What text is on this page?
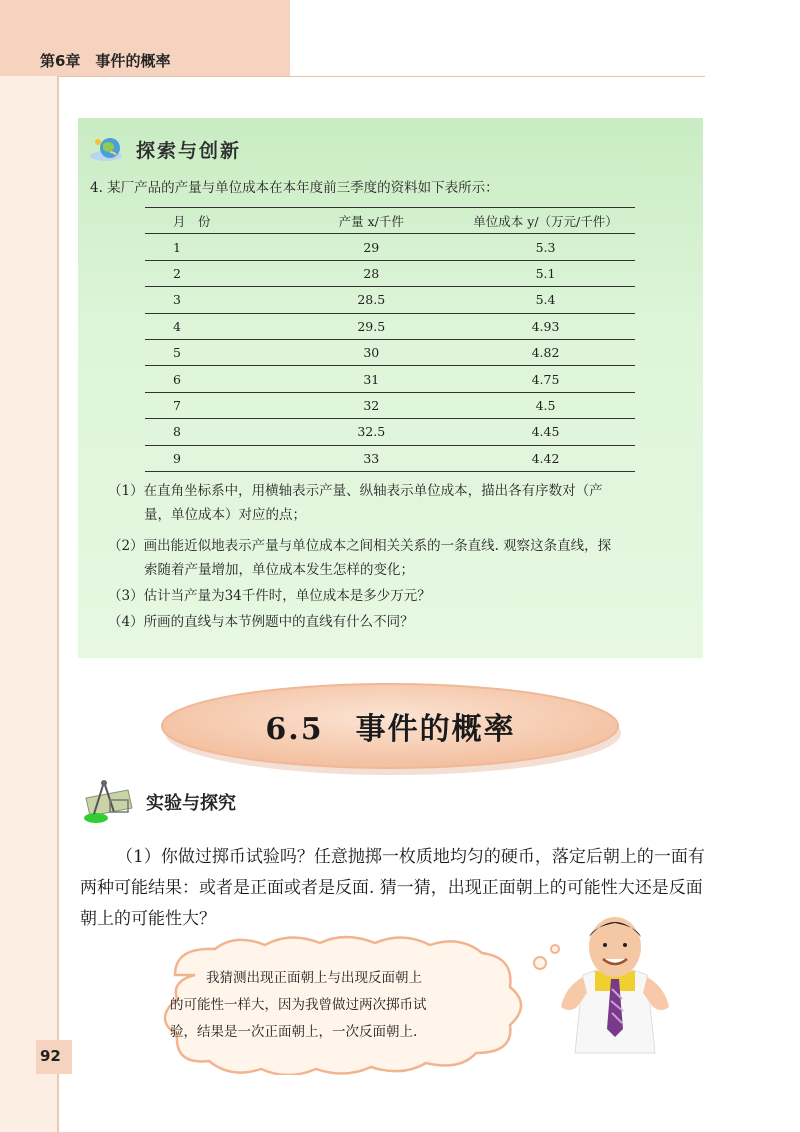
第6章　事件的概率
探索与创新
4. 某厂产品的产量与单位成本在本年度前三季度的资料如下表所示：
月　份	产量 x/千件	单位成本 y/（万元/千件）
1	29	5.3
2	28	5.1
3	28.5	5.4
4	29.5	4.93
5	30	4.82
6	31	4.75
7	32	4.5
8	32.5	4.45
9	33	4.42
（1）在直角坐标系中，用横轴表示产量、纵轴表示单位成本，描出各有序数对（产
量，单位成本）对应的点；
（2）画出能近似地表示产量与单位成本之间相关关系的一条直线. 观察这条直线，探
索随着产量增加，单位成本发生怎样的变化；
（3）估计当产量为34千件时，单位成本是多少万元？
（4）所画的直线与本节例题中的直线有什么不同？
6.5　事件的概率
实验与探究
（1）你做过掷币试验吗？任意抛掷一枚质地均匀的硬币，落定后朝上的一面有两种可能结果：或者是正面或者是反面. 猜一猜，出现正面朝上的可能性大还是反面朝上的可能性大？
我猜测出现正面朝上与出现反面朝上
的可能性一样大，因为我曾做过两次掷币试
验，结果是一次正面朝上，一次反面朝上.
92
